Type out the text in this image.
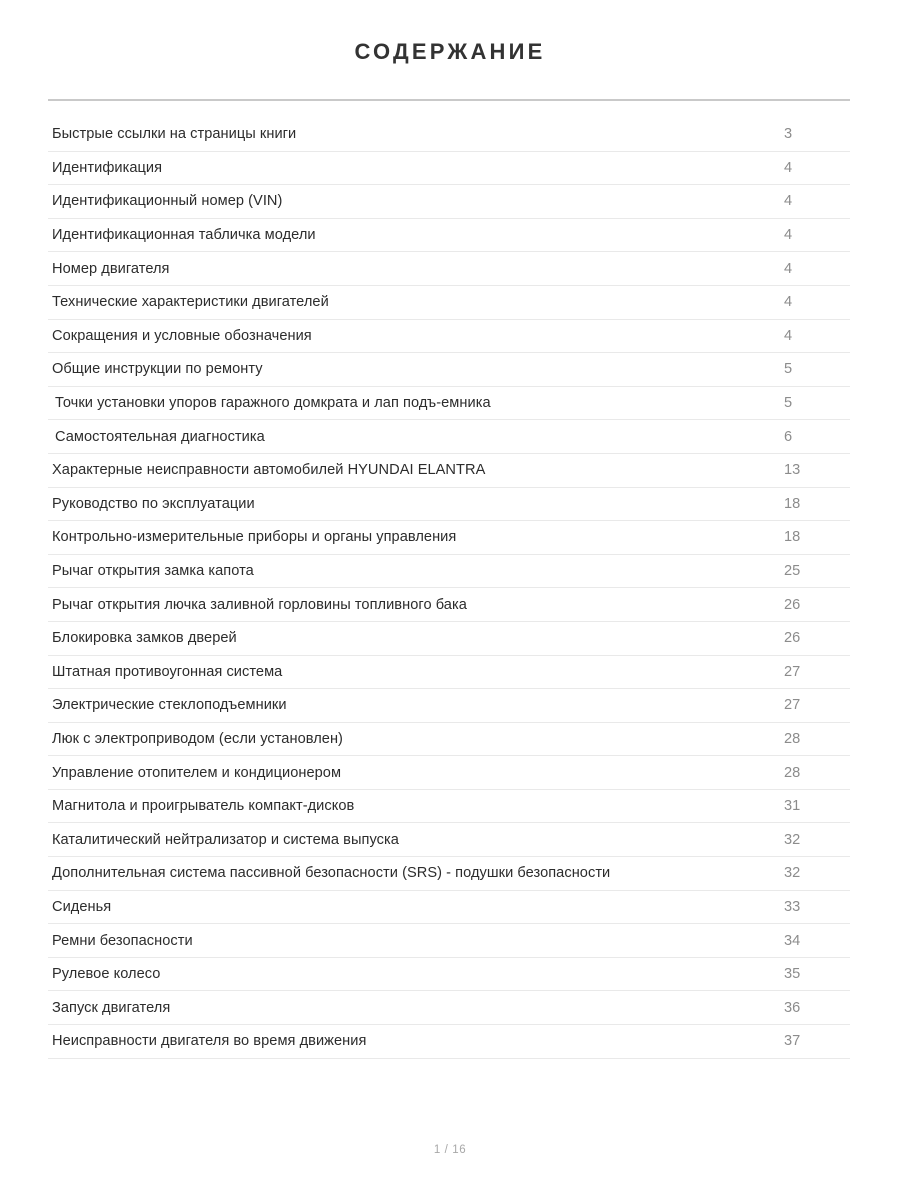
СОДЕРЖАНИЕ
Быстрые ссылки на страницы книги	3
Идентификация	4
Идентификационный номер (VIN)	4
Идентификационная табличка модели	4
Номер двигателя	4
Технические характеристики двигателей	4
Сокращения и условные обозначения	4
Общие инструкции по ремонту	5
Точки установки упоров гаражного домкрата и лап подъ-емника	5
Самостоятельная диагностика	6
Характерные неисправности автомобилей HYUNDAI ELANTRA	13
Руководство по эксплуатации	18
Контрольно-измерительные приборы и органы управления	18
Рычаг открытия замка капота	25
Рычаг открытия лючка заливной горловины топливного бака	26
Блокировка замков дверей	26
Штатная противоугонная система	27
Электрические стеклоподъемники	27
Люк с электроприводом (если установлен)	28
Управление отопителем и кондиционером	28
Магнитола и проигрыватель компакт-дисков	31
Каталитический нейтрализатор и система выпуска	32
Дополнительная система пассивной безопасности (SRS) - подушки безопасности	32
Сиденья	33
Ремни безопасности	34
Рулевое колесо	35
Запуск двигателя	36
Неисправности двигателя во время движения	37
1 / 16
